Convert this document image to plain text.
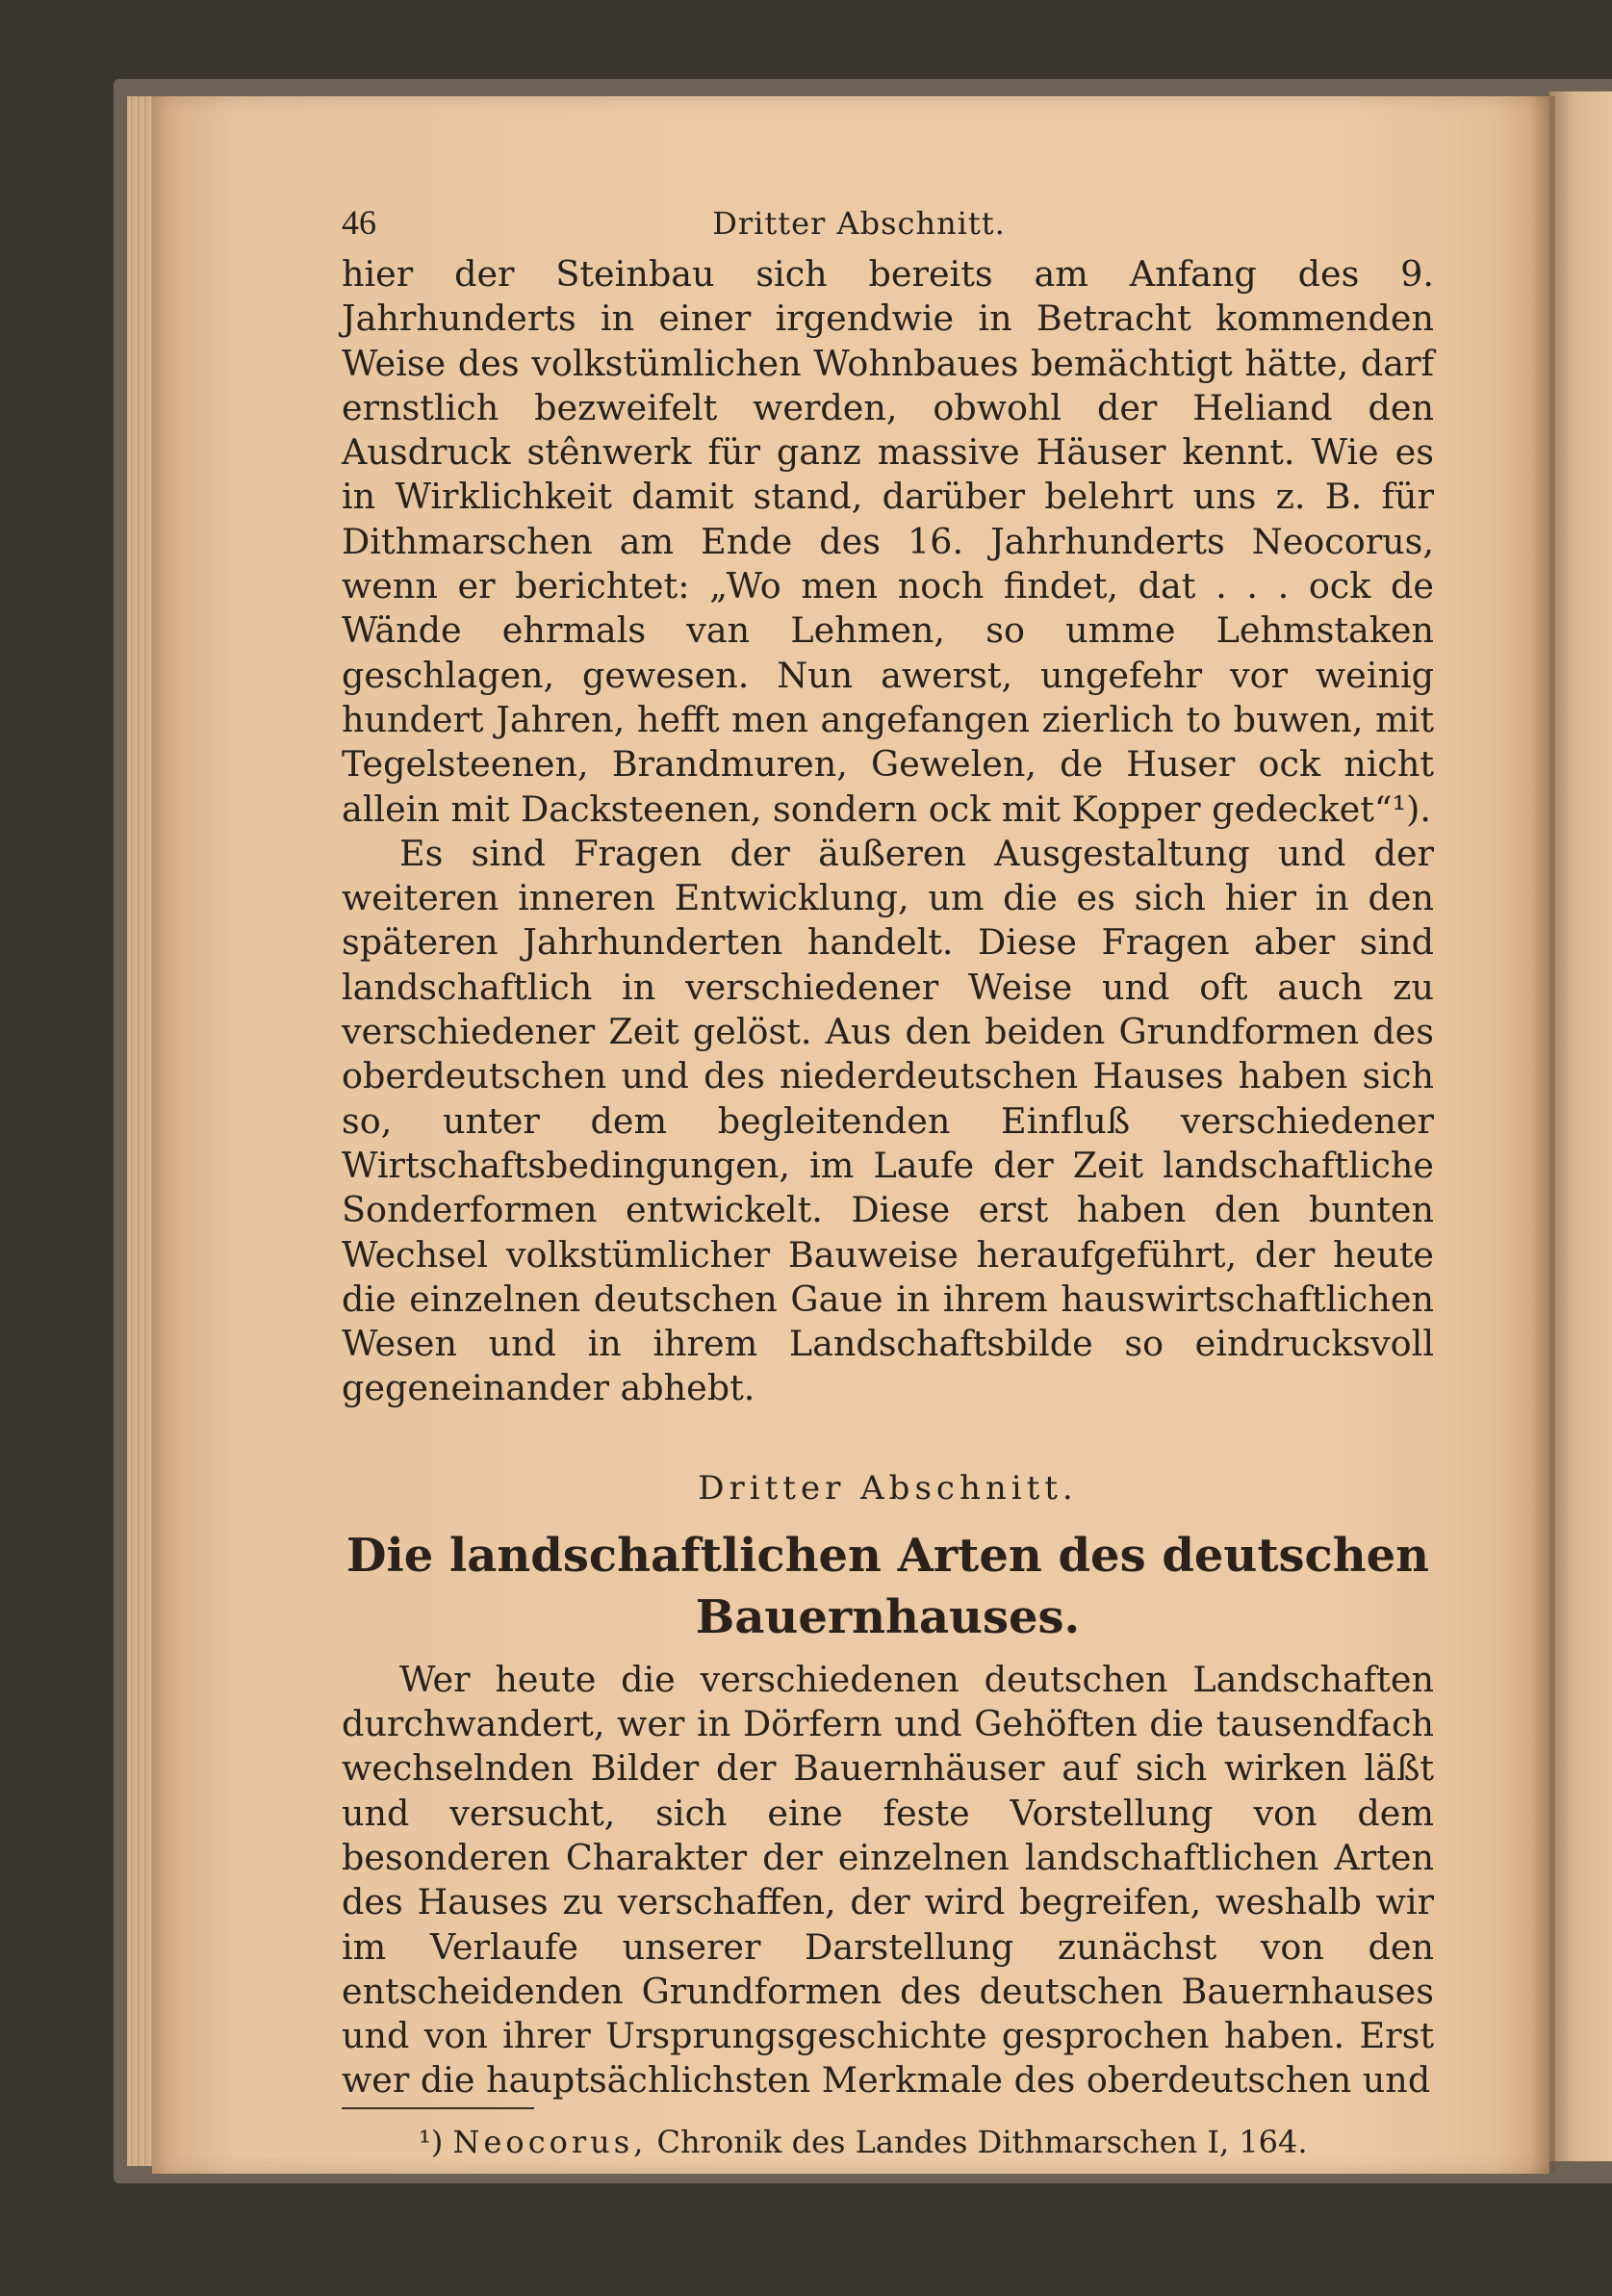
46	Dritter Abschnitt.

hier der Steinbau sich bereits am Anfang des 9. Jahrhunderts in einer irgendwie in Betracht kommenden Weise des volkstümlichen Wohnbaues bemächtigt hätte, darf ernstlich bezweifelt werden, obwohl der Heliand den Ausdruck stênwerk für ganz massive Häuser kennt. Wie es in Wirklichkeit damit stand, darüber belehrt uns z. B. für Dithmarschen am Ende des 16. Jahrhunderts Neocorus, wenn er berichtet: „Wo men noch findet, dat . . . ock de Wände ehrmals van Lehmen, so umme Lehmstaken geschlagen, gewesen. Nun awerst, ungefehr vor weinig hundert Jahren, hefft men angefangen zierlich to buwen, mit Tegelsteenen, Brandmuren, Gewelen, de Huser ock nicht allein mit Dacksteenen, sondern ock mit Kopper gedecket“¹).

Es sind Fragen der äußeren Ausgestaltung und der weiteren inneren Entwicklung, um die es sich hier in den späteren Jahrhunderten handelt. Diese Fragen aber sind landschaftlich in verschiedener Weise und oft auch zu verschiedener Zeit gelöst. Aus den beiden Grundformen des oberdeutschen und des niederdeutschen Hauses haben sich so, unter dem begleitenden Einfluß verschiedener Wirtschaftsbedingungen, im Laufe der Zeit landschaftliche Sonderformen entwickelt. Diese erst haben den bunten Wechsel volkstümlicher Bauweise heraufgeführt, der heute die einzelnen deutschen Gaue in ihrem hauswirtschaftlichen Wesen und in ihrem Landschaftsbilde so eindrucksvoll gegeneinander abhebt.

Dritter Abschnitt.
Die landschaftlichen Arten des deutschen
Bauernhauses.

Wer heute die verschiedenen deutschen Landschaften durchwandert, wer in Dörfern und Gehöften die tausendfach wechselnden Bilder der Bauernhäuser auf sich wirken läßt und versucht, sich eine feste Vorstellung von dem besonderen Charakter der einzelnen landschaftlichen Arten des Hauses zu verschaffen, der wird begreifen, weshalb wir im Verlaufe unserer Darstellung zunächst von den entscheidenden Grundformen des deutschen Bauernhauses und von ihrer Ursprungsgeschichte gesprochen haben. Erst wer die hauptsächlichsten Merkmale des oberdeutschen und

¹) Neocorus, Chronik des Landes Dithmarschen I, 164.
